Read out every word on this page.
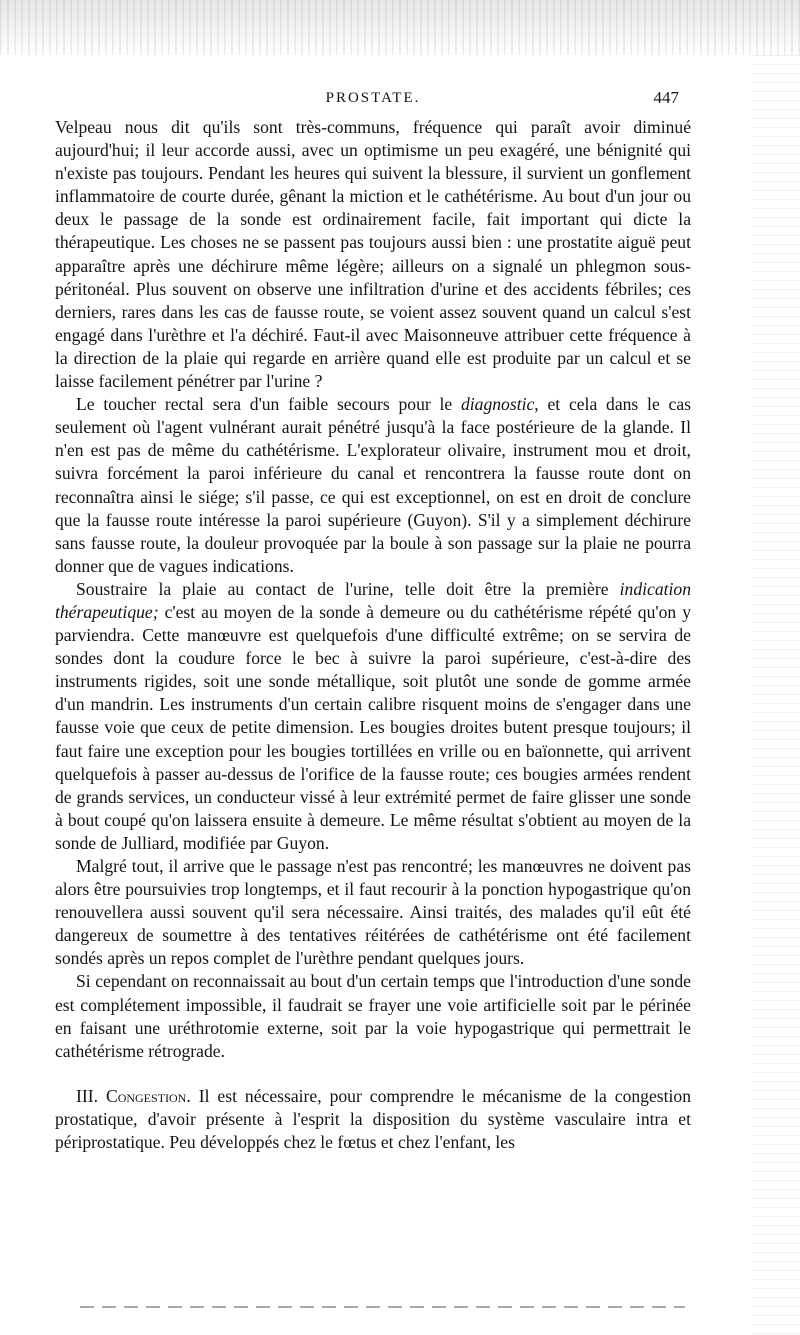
PROSTATE.	447

Velpeau nous dit qu'ils sont très-communs, fréquence qui paraît avoir diminué aujourd'hui; il leur accorde aussi, avec un optimisme un peu exagéré, une bénignité qui n'existe pas toujours. Pendant les heures qui suivent la blessure, il survient un gonflement inflammatoire de courte durée, gênant la miction et le cathétérisme. Au bout d'un jour ou deux le passage de la sonde est ordinairement facile, fait important qui dicte la thérapeutique. Les choses ne se passent pas toujours aussi bien : une prostatite aiguë peut apparaître après une déchirure même légère; ailleurs on a signalé un phlegmon sous-péritonéal. Plus souvent on observe une infiltration d'urine et des accidents fébriles; ces derniers, rares dans les cas de fausse route, se voient assez souvent quand un calcul s'est engagé dans l'urèthre et l'a déchiré. Faut-il avec Maisonneuve attribuer cette fréquence à la direction de la plaie qui regarde en arrière quand elle est produite par un calcul et se laisse facilement pénétrer par l'urine ?

Le toucher rectal sera d'un faible secours pour le diagnostic, et cela dans le cas seulement où l'agent vulnérant aurait pénétré jusqu'à la face postérieure de la glande. Il n'en est pas de même du cathétérisme. L'explorateur olivaire, instrument mou et droit, suivra forcément la paroi inférieure du canal et rencontrera la fausse route dont on reconnaîtra ainsi le siége; s'il passe, ce qui est exceptionnel, on est en droit de conclure que la fausse route intéresse la paroi supérieure (Guyon). S'il y a simplement déchirure sans fausse route, la douleur provoquée par la boule à son passage sur la plaie ne pourra donner que de vagues indications.

Soustraire la plaie au contact de l'urine, telle doit être la première indication thérapeutique; c'est au moyen de la sonde à demeure ou du cathétérisme répété qu'on y parviendra. Cette manœuvre est quelquefois d'une difficulté extrême; on se servira de sondes dont la coudure force le bec à suivre la paroi supérieure, c'est-à-dire des instruments rigides, soit une sonde métallique, soit plutôt une sonde de gomme armée d'un mandrin. Les instruments d'un certain calibre risquent moins de s'engager dans une fausse voie que ceux de petite dimension. Les bougies droites butent presque toujours; il faut faire une exception pour les bougies tortillées en vrille ou en baïonnette, qui arrivent quelquefois à passer au-dessus de l'orifice de la fausse route; ces bougies armées rendent de grands services, un conducteur vissé à leur extrémité permet de faire glisser une sonde à bout coupé qu'on laissera ensuite à demeure. Le même résultat s'obtient au moyen de la sonde de Julliard, modifiée par Guyon.

Malgré tout, il arrive que le passage n'est pas rencontré; les manœuvres ne doivent pas alors être poursuivies trop longtemps, et il faut recourir à la ponction hypogastrique qu'on renouvellera aussi souvent qu'il sera nécessaire. Ainsi traités, des malades qu'il eût été dangereux de soumettre à des tentatives réitérées de cathétérisme ont été facilement sondés après un repos complet de l'urèthre pendant quelques jours.

Si cependant on reconnaissait au bout d'un certain temps que l'introduction d'une sonde est complétement impossible, il faudrait se frayer une voie artificielle soit par le périnée en faisant une uréthrotomie externe, soit par la voie hypogastrique qui permettrait le cathétérisme rétrograde.

III. Congestion. Il est nécessaire, pour comprendre le mécanisme de la congestion prostatique, d'avoir présente à l'esprit la disposition du système vasculaire intra et périprostatique. Peu développés chez le fœtus et chez l'enfant, les
